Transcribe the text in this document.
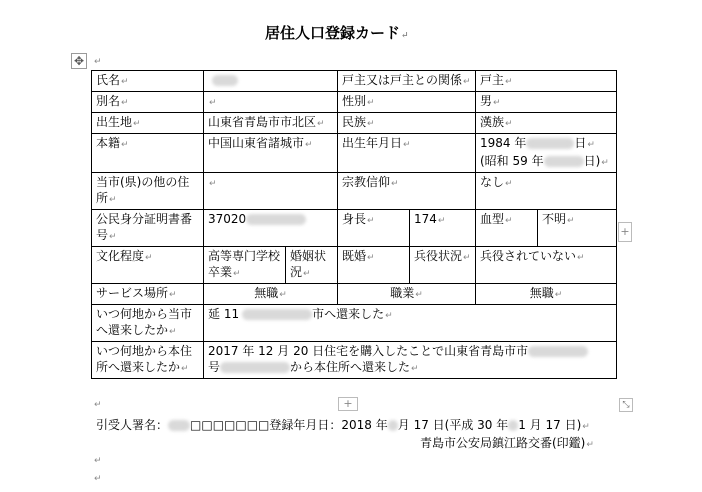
居住人口登録カード↵
✥	↵
氏名↵			戸主又は戸主との関係↵		戸主↵	
別名↵	↵		性別↵		男↵	
出生地↵	山東省青島市市北区↵		民族↵		漢族↵	
本籍↵	中国山東省諸城市↵		出生年月日↵		1984 年 日↵
(昭和 59 年 日)↵	
当市(県)の他の住所↵	↵		宗教信仰↵		なし↵	
公民身分証明書番号↵	37020		身長↵	174↵	血型↵	不明↵
文化程度↵	高等専门学校卒業↵	婚姻状況↵	既婚↵	兵役状況↵	兵役されていない↵	
サービス場所↵	無職↵		職業↵		無職↵	
いつ何地から当市へ還来したか↵	延 11 市へ還来した↵					
いつ何地から本住所へ還来したか↵	2017 年 12 月 20 日住宅を購入したことで山東省青島市市
号 から本住所へ還来した↵					
+
+	⤡
↵
引受人署名： □□□□□□□登録年月日：2018 年 月 17 日(平成 30 年 1 月 17 日)↵
青島市公安局鎮江路交番(印鑑)↵
↵
↵
